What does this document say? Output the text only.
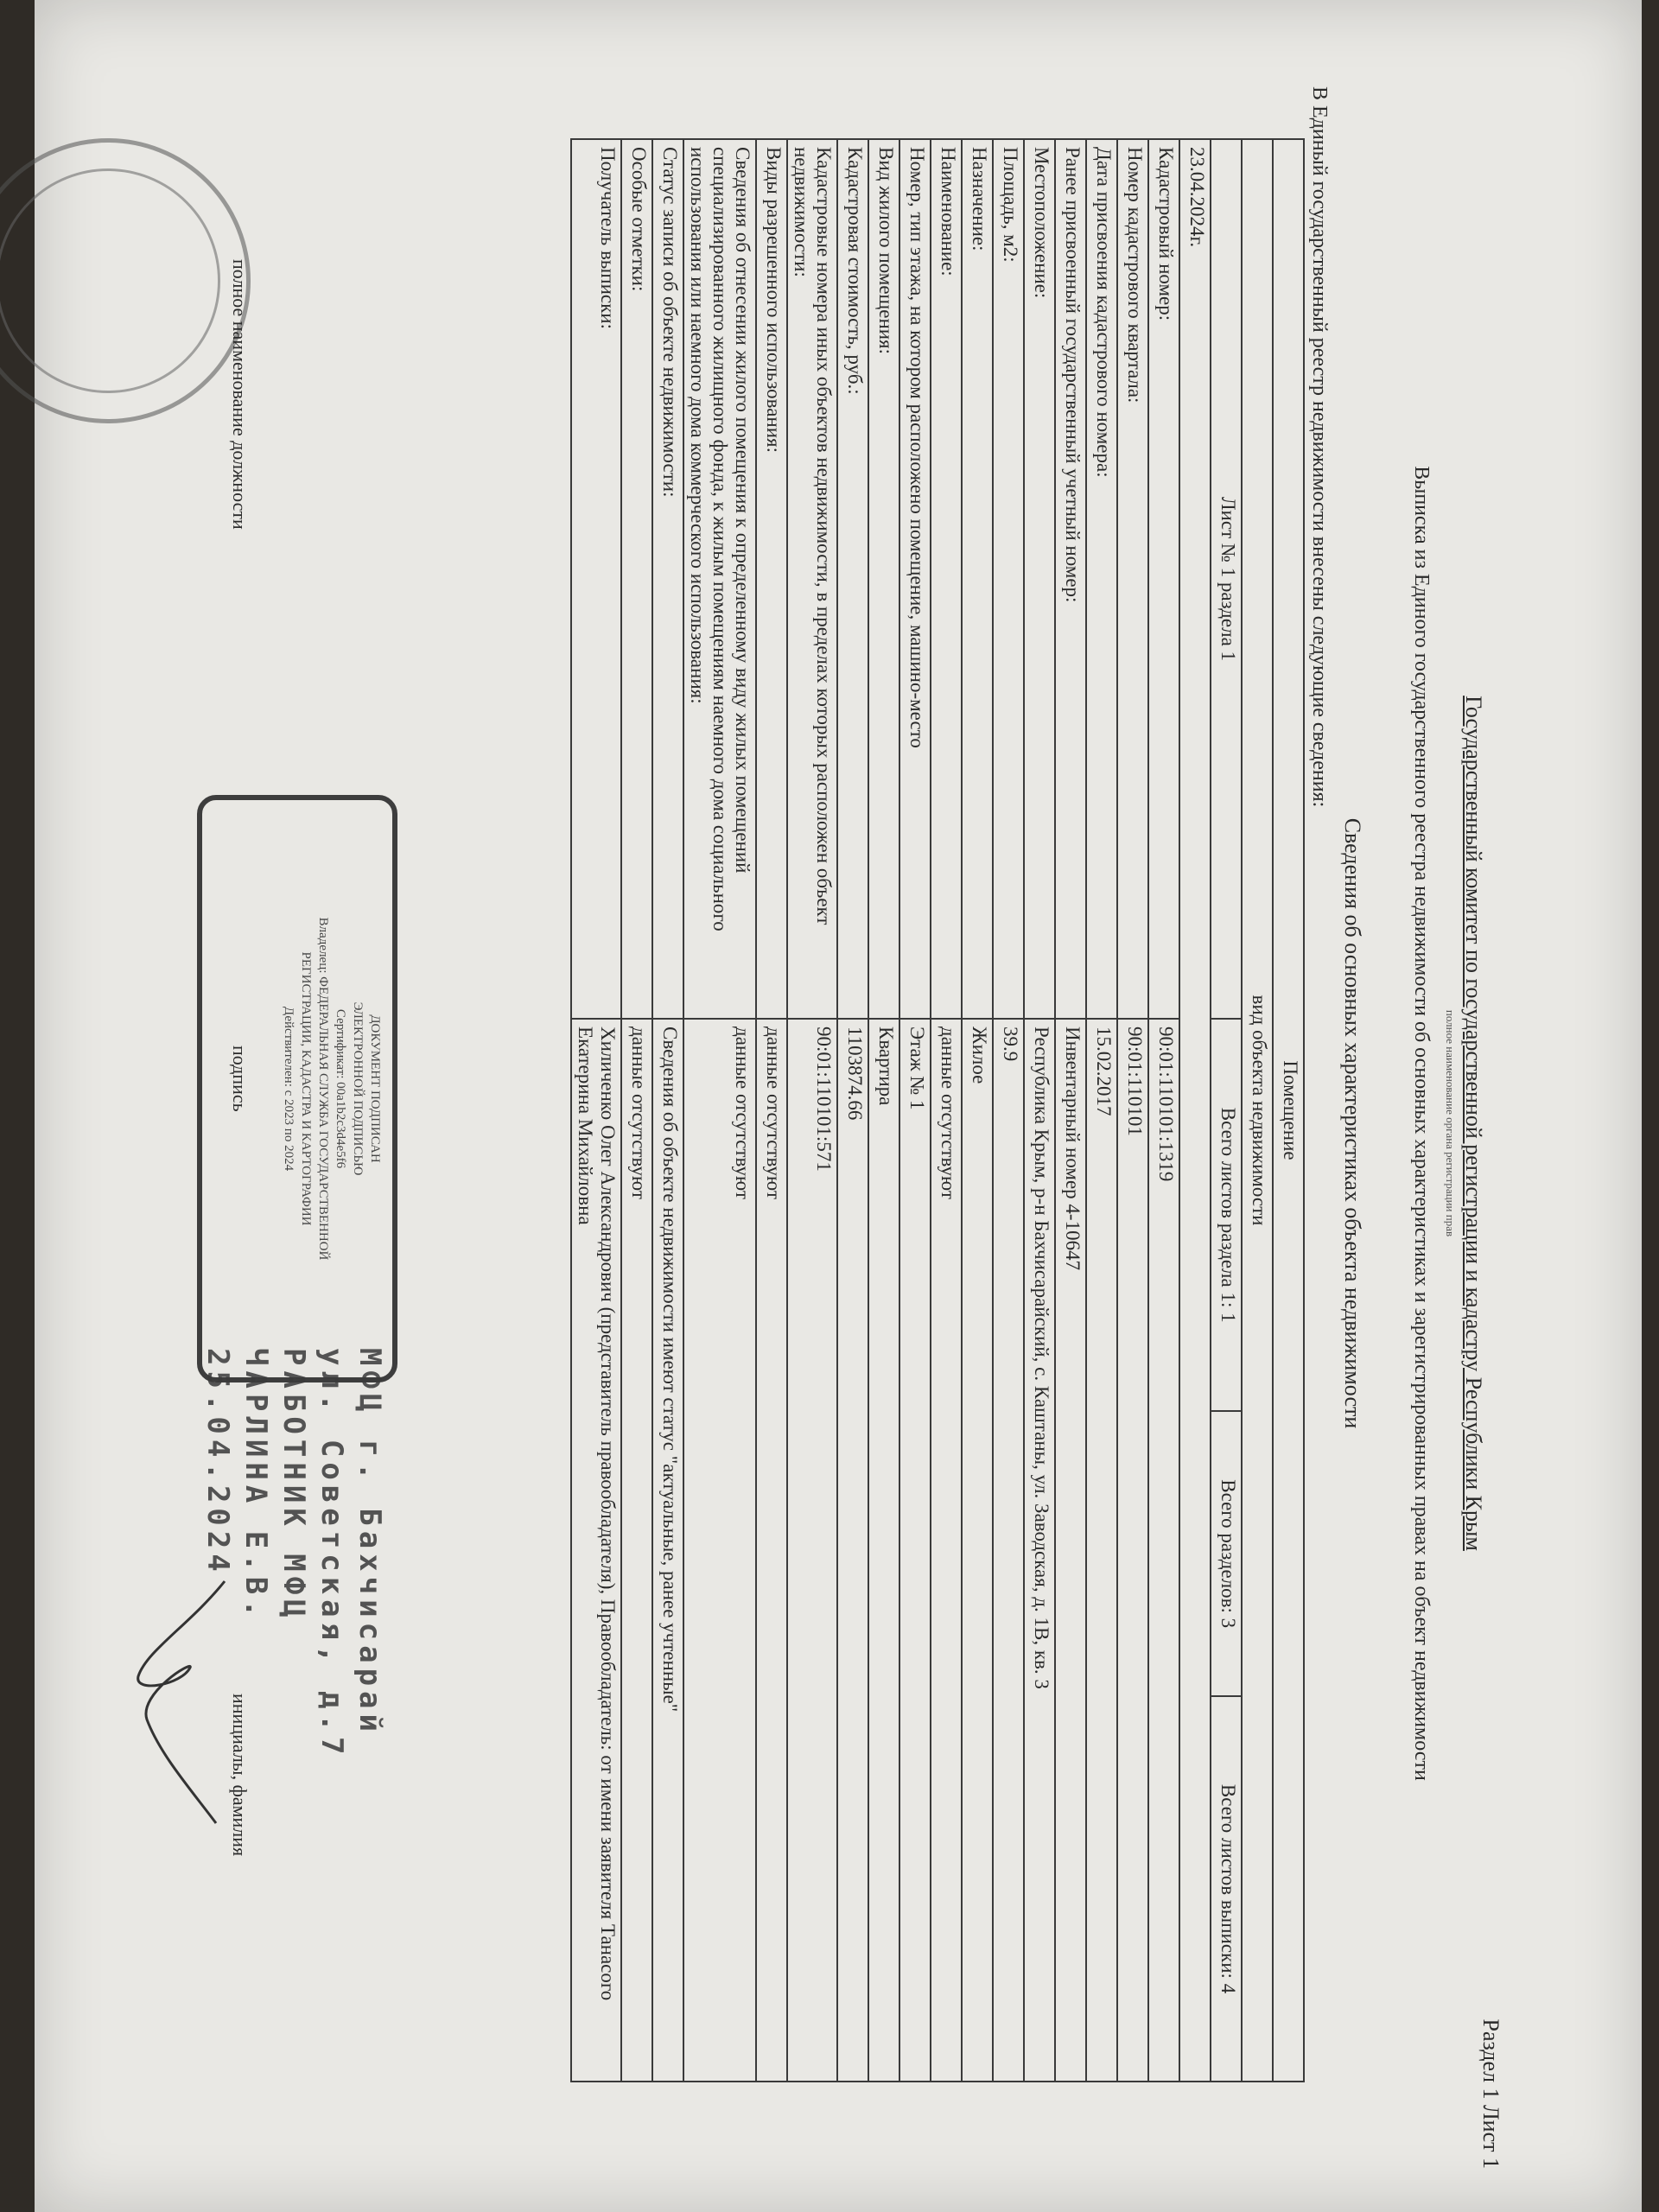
Раздел 1 Лист 1
Государственный комитет по государственной регистрации и кадастру Республики Крым
полное наименование органа регистрации прав
Выписка из Единого государственного реестра недвижимости об основных характеристиках и зарегистрированных правах на объект недвижимости
Сведения об основных характеристиках объекта недвижимости
В Единый государственный реестр недвижимости внесены следующие сведения:
Помещение			
вид объекта недвижимости			
Лист № 1 раздела 1	Всего листов раздела 1: 1	Всего разделов: 3	Всего листов выписки: 4
23.04.2024г.			
Кадастровый номер:	90:01:110101:1319		
Номер кадастрового квартала:	90:01:110101		
Дата присвоения кадастрового номера:	15.02.2017		
Ранее присвоенный государственный учетный номер:	Инвентарный номер 4-10647		
Местоположение:	Республика Крым, р-н Бахчисарайский, с. Каштаны, ул. Заводская, д. 1В, кв. 3		
Площадь, м2:	39.9		
Назначение:	Жилое		
Наименование:	данные отсутствуют		
Номер, тип этажа, на котором расположено помещение, машино-место	Этаж № 1		
Вид жилого помещения:	Квартира		
Кадастровая стоимость, руб.:	1103874.66		
Кадастровые номера иных объектов недвижимости, в пределах которых расположен объект недвижимости:	90:01:110101:571		
Виды разрешенного использования:	данные отсутствуют		
Сведения об отнесении жилого помещения к определенному виду жилых помещений специализированного жилищного фонда, к жилым помещениям наемного дома социального использования или наемного дома коммерческого использования:	данные отсутствуют		
Статус записи об объекте недвижимости:	Сведения об объекте недвижимости имеют статус "актуальные, ранее учтенные"		
Особые отметки:	данные отсутствуют		
Получатель выписки:	Хиличенко Олег Александрович (представитель правообладателя), Правообладатель: от имени заявителя Танасого Екатерина Михайловна		
ДОКУМЕНТ ПОДПИСАН
ЭЛЕКТРОННОЙ ПОДПИСЬЮ
Сертификат: 00a1b2c3d4e5f6
Владелец: ФЕДЕРАЛЬНАЯ СЛУЖБА ГОСУДАРСТВЕННОЙ
РЕГИСТРАЦИИ, КАДАСТРА И КАРТОГРАФИИ
Действителен: с 2023 по 2024
полное наименование должности
подпись
инициалы, фамилия
МФЦ г. Бахчисарай
ул. Советская, д.7
РАБОТНИК МФЦ
ЧАРЛИНА Е.В.
25.04.2024
